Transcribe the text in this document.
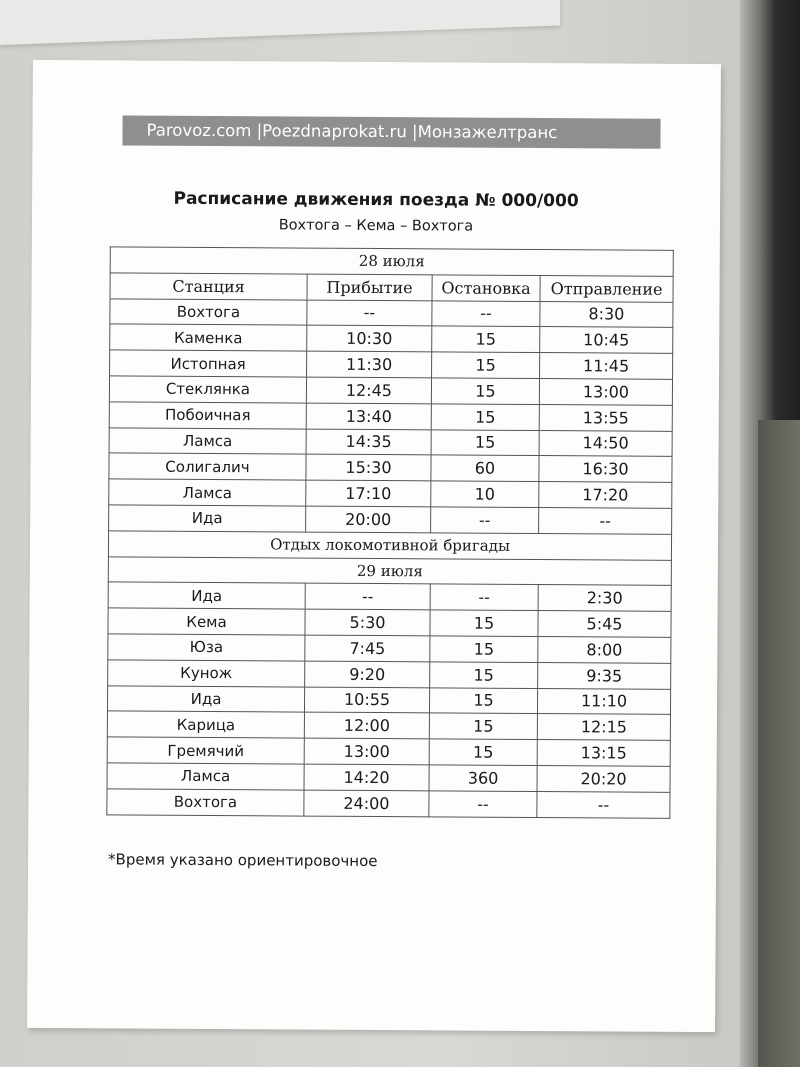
Parovoz.com |Poezdnaprokat.ru |Монзажелтранс
Расписание движения поезда № 000/000
Вохтога – Кема – Вохтога
28 июля			
Станция	Прибытие	Остановка	Отправление
Вохтога	--	--	8:30
Каменка	10:30	15	10:45
Истопная	11:30	15	11:45
Стеклянка	12:45	15	13:00
Побоичная	13:40	15	13:55
Ламса	14:35	15	14:50
Солигалич	15:30	60	16:30
Ламса	17:10	10	17:20
Ида	20:00	--	--
Отдых локомотивной бригады			
29 июля			
Ида	--	--	2:30
Кема	5:30	15	5:45
Юза	7:45	15	8:00
Кунож	9:20	15	9:35
Ида	10:55	15	11:10
Карица	12:00	15	12:15
Гремячий	13:00	15	13:15
Ламса	14:20	360	20:20
Вохтога	24:00	--	--
*Время указано ориентировочное
